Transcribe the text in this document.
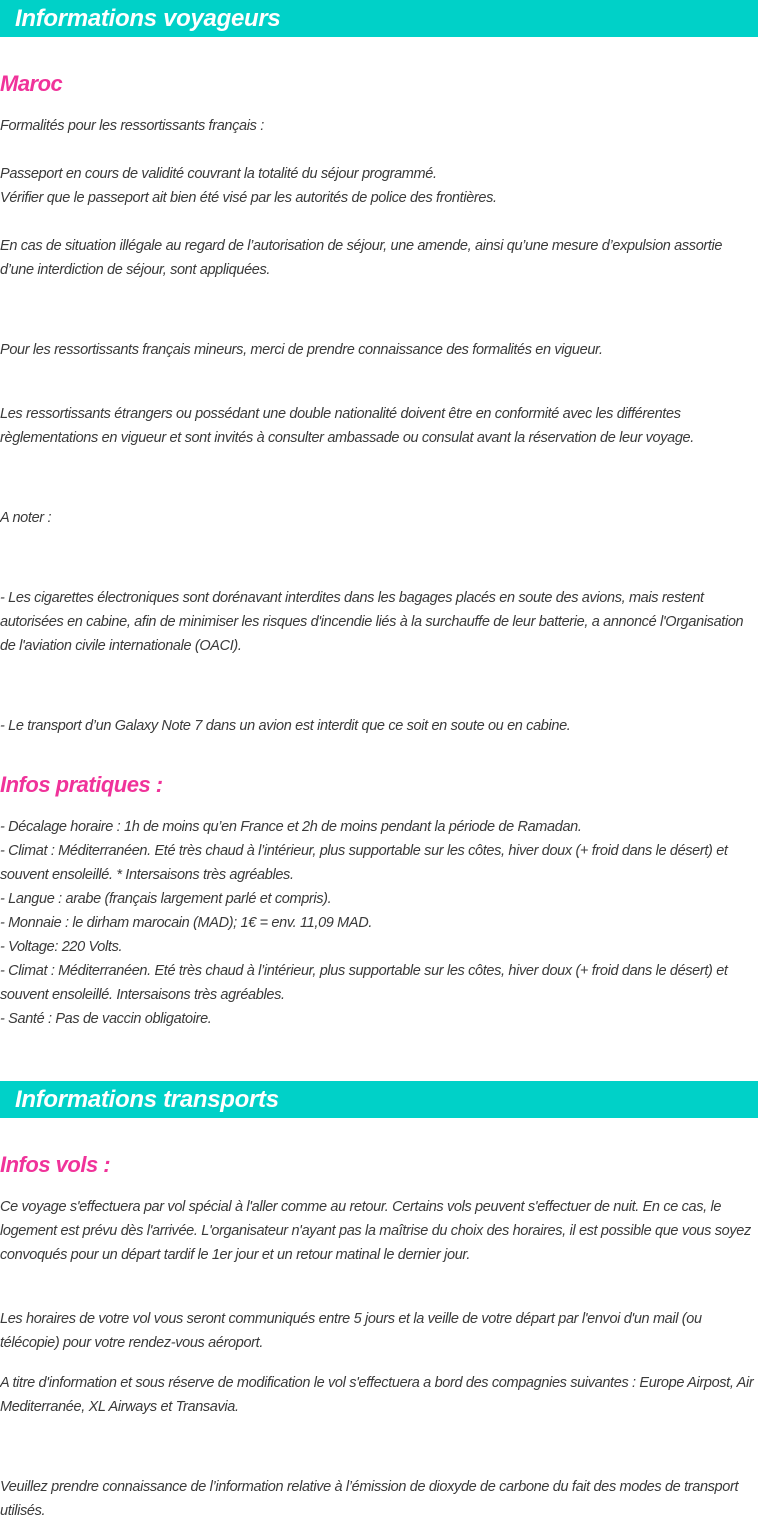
Informations voyageurs
Maroc

Formalités pour les ressortissants français :

Passeport en cours de validité couvrant la totalité du séjour programmé.

Vérifier que le passeport ait bien été visé par les autorités de police des frontières.

En cas de situation illégale au regard de l’autorisation de séjour, une amende, ainsi qu’une mesure d’expulsion assortie d’une interdiction de séjour, sont appliquées.

Pour les ressortissants français mineurs, merci de prendre connaissance des formalités en vigueur.

Les ressortissants étrangers ou possédant une double nationalité doivent être en conformité avec les différentes règlementations en vigueur et sont invités à consulter ambassade ou consulat avant la réservation de leur voyage.

A noter :

- Les cigarettes électroniques sont dorénavant interdites dans les bagages placés en soute des avions, mais restent autorisées en cabine, afin de minimiser les risques d'incendie liés à la surchauffe de leur batterie, a annoncé l'Organisation de l'aviation civile internationale (OACI).

- Le transport d’un Galaxy Note 7 dans un avion est interdit que ce soit en soute ou en cabine.

Infos pratiques :

- Décalage horaire : 1h de moins qu’en France et 2h de moins pendant la période de Ramadan.

- Climat : Méditerranéen. Eté très chaud à l’intérieur, plus supportable sur les côtes, hiver doux (+ froid dans le désert) et souvent ensoleillé. * Intersaisons très agréables.

- Langue : arabe (français largement parlé et compris).

- Monnaie : le dirham marocain (MAD); 1€ = env. 11,09 MAD.

- Voltage: 220 Volts.

- Climat : Méditerranéen. Eté très chaud à l’intérieur, plus supportable sur les côtes, hiver doux (+ froid dans le désert) et souvent ensoleillé. Intersaisons très agréables.

- Santé : Pas de vaccin obligatoire.

Informations transports
Infos vols :

Ce voyage s'effectuera par vol spécial à l'aller comme au retour. Certains vols peuvent s'effectuer de nuit. En ce cas, le logement est prévu dès l'arrivée. L'organisateur n'ayant pas la maîtrise du choix des horaires, il est possible que vous soyez convoqués pour un départ tardif le 1er jour et un retour matinal le dernier jour.

Les horaires de votre vol vous seront communiqués entre 5 jours et la veille de votre départ par l'envoi d'un mail (ou télécopie) pour votre rendez-vous aéroport.

A titre d'information et sous réserve de modification le vol s'effectuera a bord des compagnies suivantes : Europe Airpost, Air Mediterranée, XL Airways et Transavia.

Veuillez prendre connaissance de l’information relative à l’émission de dioxyde de carbone du fait des modes de transport utilisés.
